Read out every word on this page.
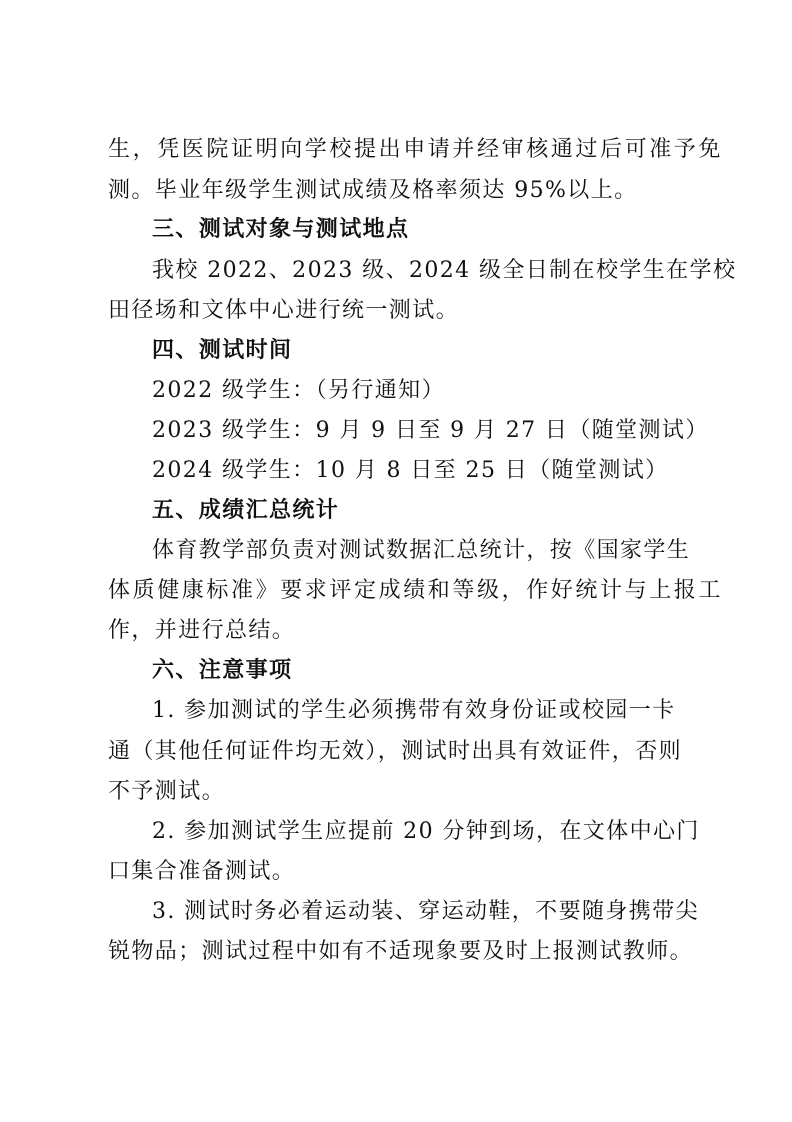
生，凭医院证明向学校提出申请并经审核通过后可准予免

测。毕业年级学生测试成绩及格率须达 95%以上。

三、测试对象与测试地点

我校 2022、2023 级、2024 级全日制在校学生在学校

田径场和文体中心进行统一测试。

四、测试时间

2022 级学生：（另行通知）

2023 级学生：9 月 9 日至 9 月 27 日（随堂测试）

2024 级学生：10 月 8 日至 25 日（随堂测试）

五、成绩汇总统计

体育教学部负责对测试数据汇总统计，按《国家学生

体质健康标准》要求评定成绩和等级，作好统计与上报工

作，并进行总结。

六、注意事项

1. 参加测试的学生必须携带有效身份证或校园一卡

通（其他任何证件均无效），测试时出具有效证件，否则

不予测试。

2. 参加测试学生应提前 20 分钟到场，在文体中心门

口集合准备测试。

3. 测试时务必着运动装、穿运动鞋，不要随身携带尖

锐物品；测试过程中如有不适现象要及时上报测试教师。
